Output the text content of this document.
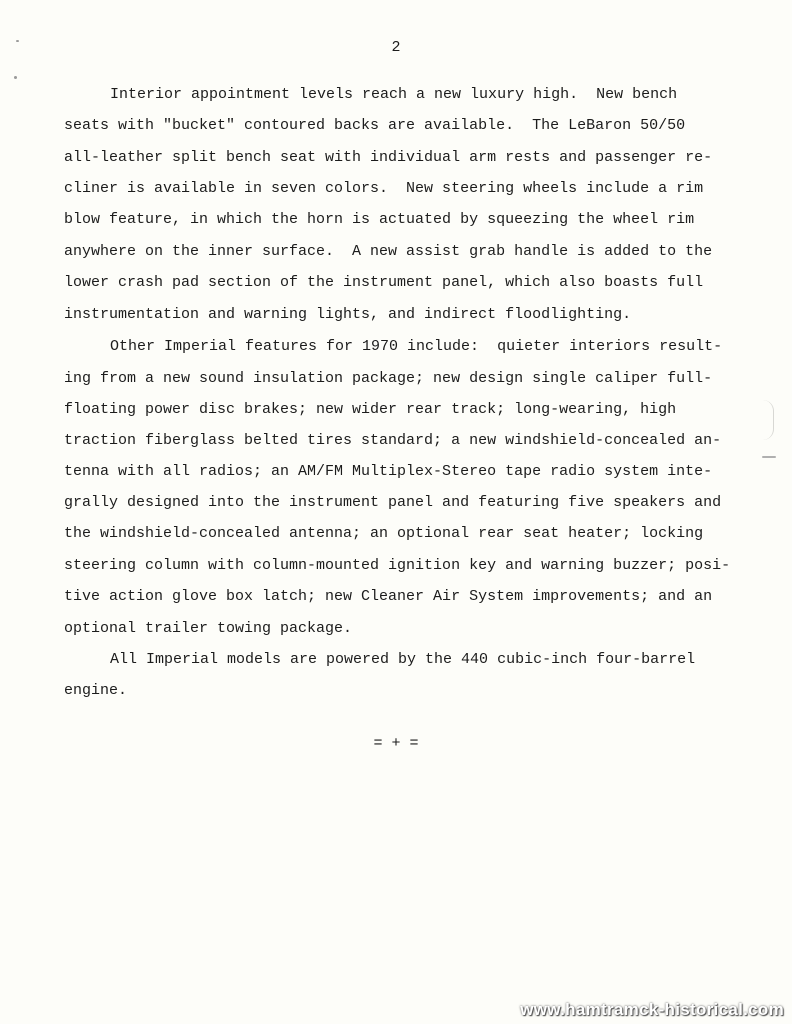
2
Interior appointment levels reach a new luxury high.  New bench
seats with "bucket" contoured backs are available.  The LeBaron 50/50
all-leather split bench seat with individual arm rests and passenger re-
cliner is available in seven colors.  New steering wheels include a rim
blow feature, in which the horn is actuated by squeezing the wheel rim
anywhere on the inner surface.  A new assist grab handle is added to the
lower crash pad section of the instrument panel, which also boasts full
instrumentation and warning lights, and indirect floodlighting.
Other Imperial features for 1970 include:  quieter interiors result-
ing from a new sound insulation package; new design single caliper full-
floating power disc brakes; new wider rear track; long-wearing, high
traction fiberglass belted tires standard; a new windshield-concealed an-
tenna with all radios; an AM/FM Multiplex-Stereo tape radio system inte-
grally designed into the instrument panel and featuring five speakers and
the windshield-concealed antenna; an optional rear seat heater; locking
steering column with column-mounted ignition key and warning buzzer; posi-
tive action glove box latch; new Cleaner Air System improvements; and an
optional trailer towing package.
All Imperial models are powered by the 440 cubic-inch four-barrel
engine.
= + =
www.hamtramck-historical.com
